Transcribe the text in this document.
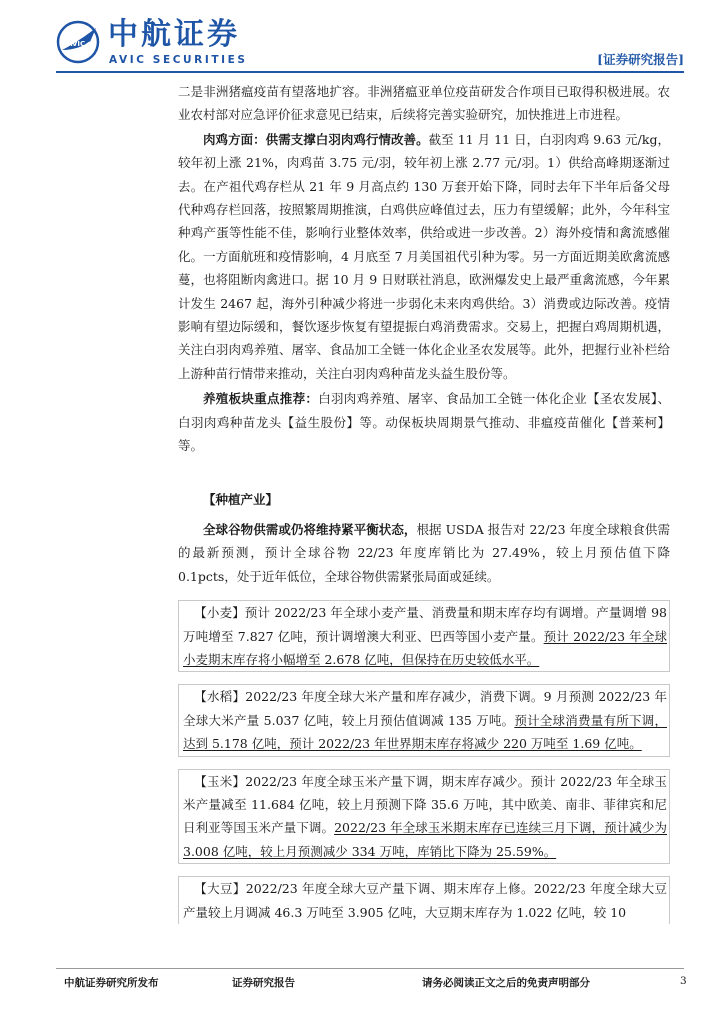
AVIC 中航证券
AVIC SECURITIES	[证券研究报告]

二是非洲猪瘟疫苗有望落地扩容。非洲猪瘟亚单位疫苗研发合作项目已取得积极进展。农业农村部对应急评价征求意见已结束，后续将完善实验研究，加快推进上市进程。

肉鸡方面：供需支撑白羽肉鸡行情改善。截至 11 月 11 日，白羽肉鸡 9.63 元/kg，较年初上涨 21%，肉鸡苗 3.75 元/羽，较年初上涨 2.77 元/羽。1）供给高峰期逐渐过去。在产祖代鸡存栏从 21 年 9 月高点约 130 万套开始下降，同时去年下半年后备父母代种鸡存栏回落，按照繁周期推演，白鸡供应峰值过去，压力有望缓解；此外，今年科宝种鸡产蛋等性能不佳，影响行业整体效率，供给或进一步改善。2）海外疫情和禽流感催化。一方面航班和疫情影响，4 月底至 7 月美国祖代引种为零。另一方面近期美欧禽流感蔓，也将阻断肉禽进口。据 10 月 9 日财联社消息，欧洲爆发史上最严重禽流感，今年累计发生 2467 起，海外引种减少将进一步弱化未来肉鸡供给。3）消费或边际改善。疫情影响有望边际缓和，餐饮逐步恢复有望提振白鸡消费需求。交易上，把握白鸡周期机遇，关注白羽肉鸡养殖、屠宰、食品加工全链一体化企业圣农发展等。此外，把握行业补栏给上游种苗行情带来推动，关注白羽肉鸡种苗龙头益生股份等。

养殖板块重点推荐：白羽肉鸡养殖、屠宰、食品加工全链一体化企业【圣农发展】、白羽肉鸡种苗龙头【益生股份】等。动保板块周期景气推动、非瘟疫苗催化【普莱柯】等。

【种植产业】

全球谷物供需或仍将维持紧平衡状态，根据 USDA 报告对 22/23 年度全球粮食供需的最新预测，预计全球谷物 22/23 年度库销比为 27.49%，较上月预估值下降 0.1pcts，处于近年低位，全球谷物供需紧张局面或延续。

【小麦】预计 2022/23 年全球小麦产量、消费量和期末库存均有调增。产量调增 98 万吨增至 7.827 亿吨，预计调增澳大利亚、巴西等国小麦产量。预计 2022/23 年全球小麦期末库存将小幅增至 2.678 亿吨，但保持在历史较低水平。

【水稻】2022/23 年度全球大米产量和库存减少，消费下调。9 月预测 2022/23 年全球大米产量 5.037 亿吨，较上月预估值调减 135 万吨。预计全球消费量有所下调，达到 5.178 亿吨，预计 2022/23 年世界期末库存将减少 220 万吨至 1.69 亿吨。

【玉米】2022/23 年度全球玉米产量下调，期末库存减少。预计 2022/23 年全球玉米产量减至 11.684 亿吨，较上月预测下降 35.6 万吨，其中欧美、南非、菲律宾和尼日利亚等国玉米产量下调。2022/23 年全球玉米期末库存已连续三月下调，预计减少为 3.008 亿吨，较上月预测减少 334 万吨，库销比下降为 25.59%。

【大豆】2022/23 年度全球大豆产量下调、期末库存上修。2022/23 年度全球大豆产量较上月调减 46.3 万吨至 3.905 亿吨，大豆期末库存为 1.022 亿吨，较 10

中航证券研究所发布	证券研究报告	请务必阅读正文之后的免责声明部分	3
